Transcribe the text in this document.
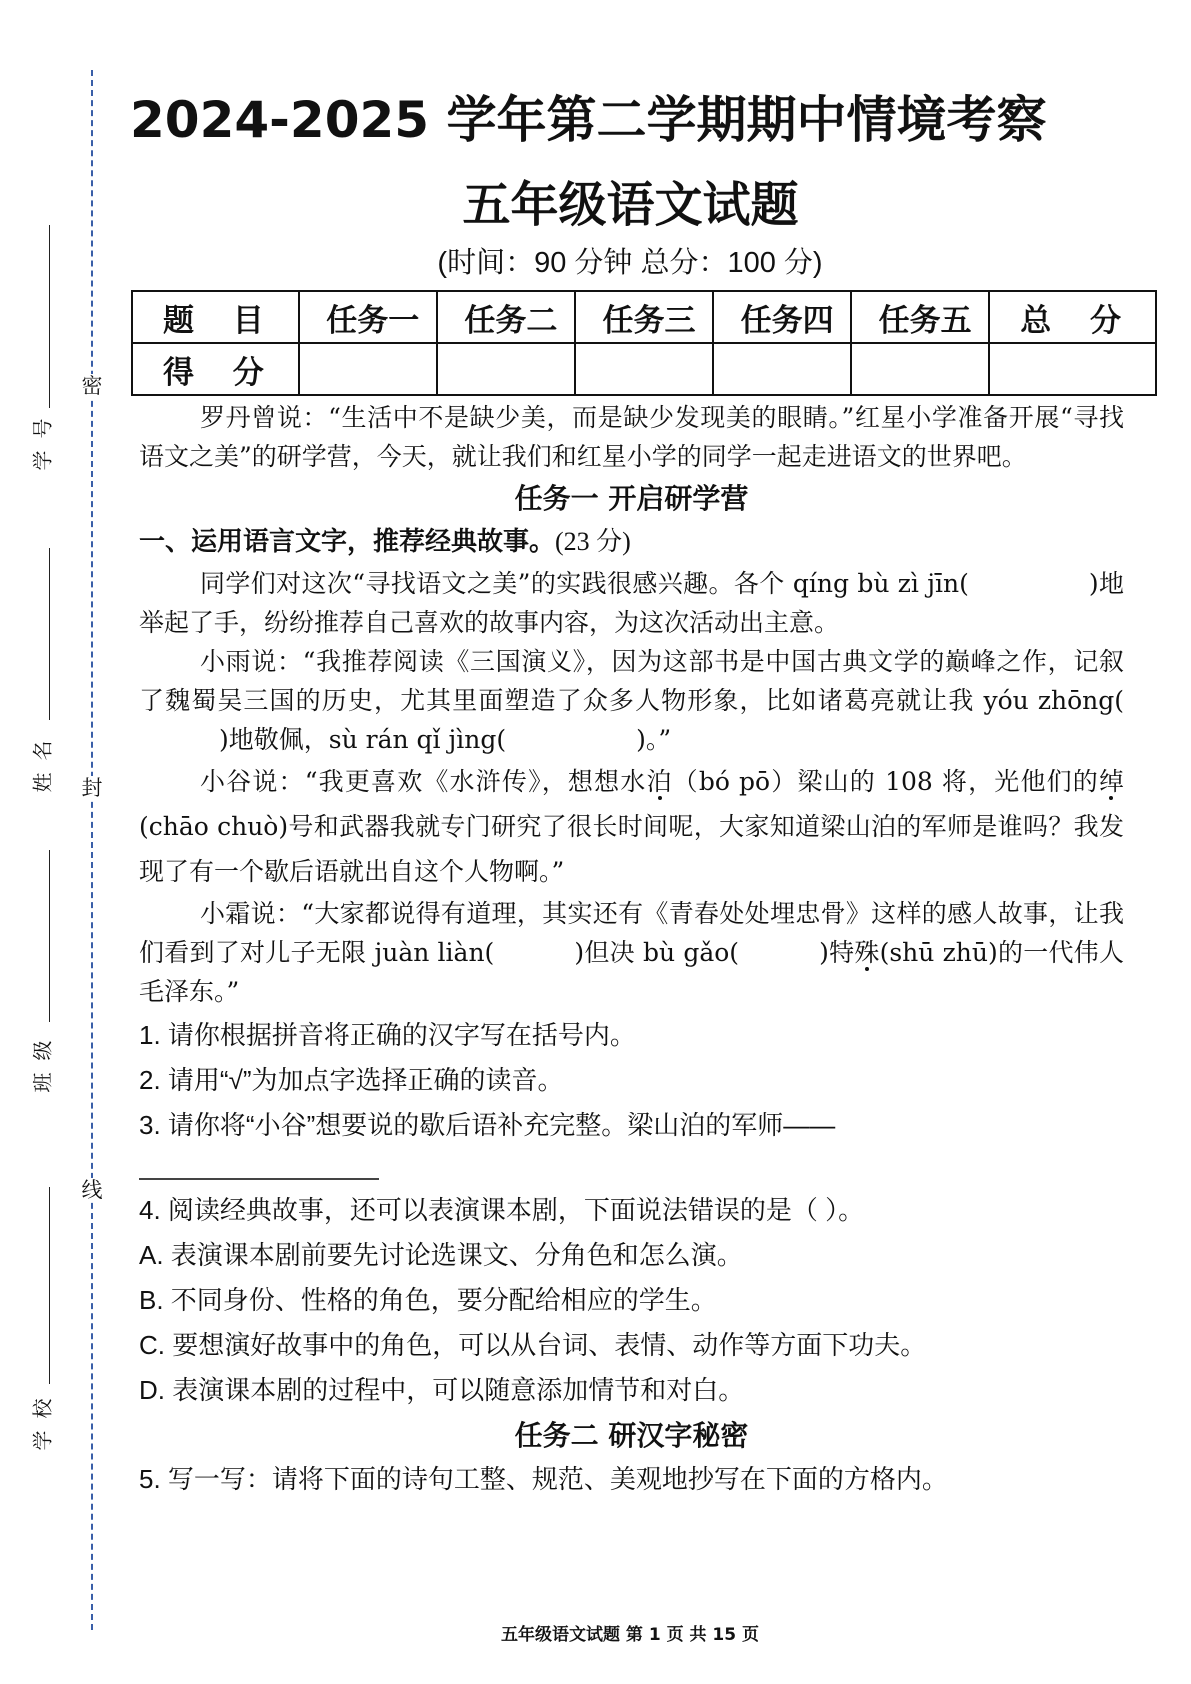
密
封
线
学号
姓名
班级
学校
2024-2025 学年第二学期期中情境考察
五年级语文试题
(时间：90 分钟 总分：100 分)
题 目	任务一	任务二	任务三	任务四	任务五	总 分
得 分						

罗丹曾说：“生活中不是缺少美，而是缺少发现美的眼睛。”红星小学准备开展“寻找语文之美”的研学营，今天，就让我们和红星小学的同学一起走进语文的世界吧。

任务一 开启研学营
一、运用语言文字，推荐经典故事。(23 分)

同学们对这次“寻找语文之美”的实践很感兴趣。各个 qíng bù zì jīn(	)地举起了手，纷纷推荐自己喜欢的故事内容，为这次活动出主意。

小雨说：“我推荐阅读《三国演义》，因为这部书是中国古典文学的巅峰之作，记叙了魏蜀吴三国的历史，尤其里面塑造了众多人物形象，比如诸葛亮就让我 yóu zhōng()地敬佩，sù rán qǐ jìng(	)。”

小谷说：“我更喜欢《水浒传》，想想水泊（bó pō）梁山的 108 将，光他们的绰(chāo chuò)号和武器我就专门研究了很长时间呢，大家知道梁山泊的军师是谁吗？我发现了有一个歇后语就出自这个人物啊。”

小霜说：“大家都说得有道理，其实还有《青春处处埋忠骨》这样的感人故事，让我们看到了对儿子无限 juàn liàn(	)但决 bù gǎo(	)特殊(shū zhū)的一代伟人毛泽东。”

1. 请你根据拼音将正确的汉字写在括号内。
2. 请用“√”为加点字选择正确的读音。
3. 请你将“小谷”想要说的歇后语补充完整。梁山泊的军师——
4. 阅读经典故事，还可以表演课本剧，下面说法错误的是（ ）。
A. 表演课本剧前要先讨论选课文、分角色和怎么演。
B. 不同身份、性格的角色，要分配给相应的学生。
C. 要想演好故事中的角色，可以从台词、表情、动作等方面下功夫。
D. 表演课本剧的过程中，可以随意添加情节和对白。
任务二 研汉字秘密
5. 写一写：请将下面的诗句工整、规范、美观地抄写在下面的方格内。
五年级语文试题 第 1 页 共 15 页
